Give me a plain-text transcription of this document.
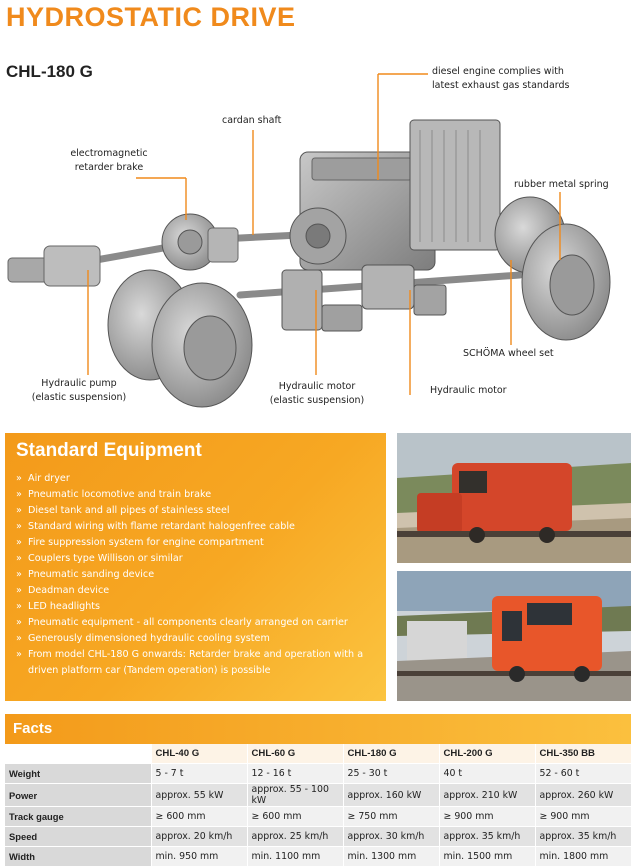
HYDROSTATIC DRIVE
CHL-180 G	diesel engine complies with latest exhaust gas standards
cardan shaft
electromagnetic retarder brake
rubber metal spring
SCHÖMA wheel set
Hydraulic pump (elastic suspension)
Hydraulic motor (elastic suspension)
Hydraulic motor
Standard Equipment
» Air dryer
» Pneumatic locomotive and train brake
» Diesel tank and all pipes of stainless steel
» Standard wiring with flame retardant halogenfree cable
» Fire suppression system for engine compartment
» Couplers type Willison or similar
» Pneumatic sanding device
» Deadman device
» LED headlights
» Pneumatic equipment - all components clearly arranged on carrier
» Generously dimensioned hydraulic cooling system
» From model CHL-180 G onwards: Retarder brake and operation with a driven platform car (Tandem operation) is possible
Facts
	CHL-40 G	CHL-60 G	CHL-180 G	CHL-200 G	CHL-350 BB
Weight	5 - 7 t	12 - 16 t	25 - 30 t	40 t	52 - 60 t
Power	approx. 55 kW	approx. 55 - 100 kW	approx. 160 kW	approx. 210 kW	approx. 260 kW
Track gauge	≥ 600 mm	≥ 600 mm	≥ 750 mm	≥ 900 mm	≥ 900 mm
Speed	approx. 20 km/h	approx. 25 km/h	approx. 30 km/h	approx. 35 km/h	approx. 35 km/h
Width	min. 950 mm	min. 1100 mm	min. 1300 mm	min. 1500 mm	min. 1800 mm
